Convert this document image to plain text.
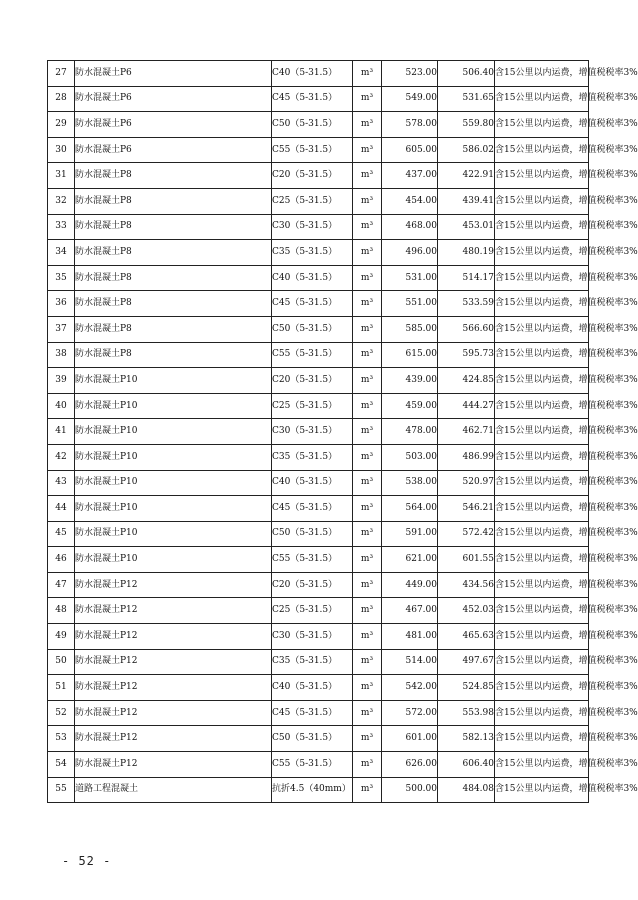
27	防水混凝土P6	C40（5-31.5）	m³	523.00	506.40	含15公里以内运费，增值税税率3%
28	防水混凝土P6	C45（5-31.5）	m³	549.00	531.65	含15公里以内运费，增值税税率3%
29	防水混凝土P6	C50（5-31.5）	m³	578.00	559.80	含15公里以内运费，增值税税率3%
30	防水混凝土P6	C55（5-31.5）	m³	605.00	586.02	含15公里以内运费，增值税税率3%
31	防水混凝土P8	C20（5-31.5）	m³	437.00	422.91	含15公里以内运费，增值税税率3%
32	防水混凝土P8	C25（5-31.5）	m³	454.00	439.41	含15公里以内运费，增值税税率3%
33	防水混凝土P8	C30（5-31.5）	m³	468.00	453.01	含15公里以内运费，增值税税率3%
34	防水混凝土P8	C35（5-31.5）	m³	496.00	480.19	含15公里以内运费，增值税税率3%
35	防水混凝土P8	C40（5-31.5）	m³	531.00	514.17	含15公里以内运费，增值税税率3%
36	防水混凝土P8	C45（5-31.5）	m³	551.00	533.59	含15公里以内运费，增值税税率3%
37	防水混凝土P8	C50（5-31.5）	m³	585.00	566.60	含15公里以内运费，增值税税率3%
38	防水混凝土P8	C55（5-31.5）	m³	615.00	595.73	含15公里以内运费，增值税税率3%
39	防水混凝土P10	C20（5-31.5）	m³	439.00	424.85	含15公里以内运费，增值税税率3%
40	防水混凝土P10	C25（5-31.5）	m³	459.00	444.27	含15公里以内运费，增值税税率3%
41	防水混凝土P10	C30（5-31.5）	m³	478.00	462.71	含15公里以内运费，增值税税率3%
42	防水混凝土P10	C35（5-31.5）	m³	503.00	486.99	含15公里以内运费，增值税税率3%
43	防水混凝土P10	C40（5-31.5）	m³	538.00	520.97	含15公里以内运费，增值税税率3%
44	防水混凝土P10	C45（5-31.5）	m³	564.00	546.21	含15公里以内运费，增值税税率3%
45	防水混凝土P10	C50（5-31.5）	m³	591.00	572.42	含15公里以内运费，增值税税率3%
46	防水混凝土P10	C55（5-31.5）	m³	621.00	601.55	含15公里以内运费，增值税税率3%
47	防水混凝土P12	C20（5-31.5）	m³	449.00	434.56	含15公里以内运费，增值税税率3%
48	防水混凝土P12	C25（5-31.5）	m³	467.00	452.03	含15公里以内运费，增值税税率3%
49	防水混凝土P12	C30（5-31.5）	m³	481.00	465.63	含15公里以内运费，增值税税率3%
50	防水混凝土P12	C35（5-31.5）	m³	514.00	497.67	含15公里以内运费，增值税税率3%
51	防水混凝土P12	C40（5-31.5）	m³	542.00	524.85	含15公里以内运费，增值税税率3%
52	防水混凝土P12	C45（5-31.5）	m³	572.00	553.98	含15公里以内运费，增值税税率3%
53	防水混凝土P12	C50（5-31.5）	m³	601.00	582.13	含15公里以内运费，增值税税率3%
54	防水混凝土P12	C55（5-31.5）	m³	626.00	606.40	含15公里以内运费，增值税税率3%
55	道路工程混凝土	抗折4.5（40mm）	m³	500.00	484.08	含15公里以内运费，增值税税率3%
- 52 -
